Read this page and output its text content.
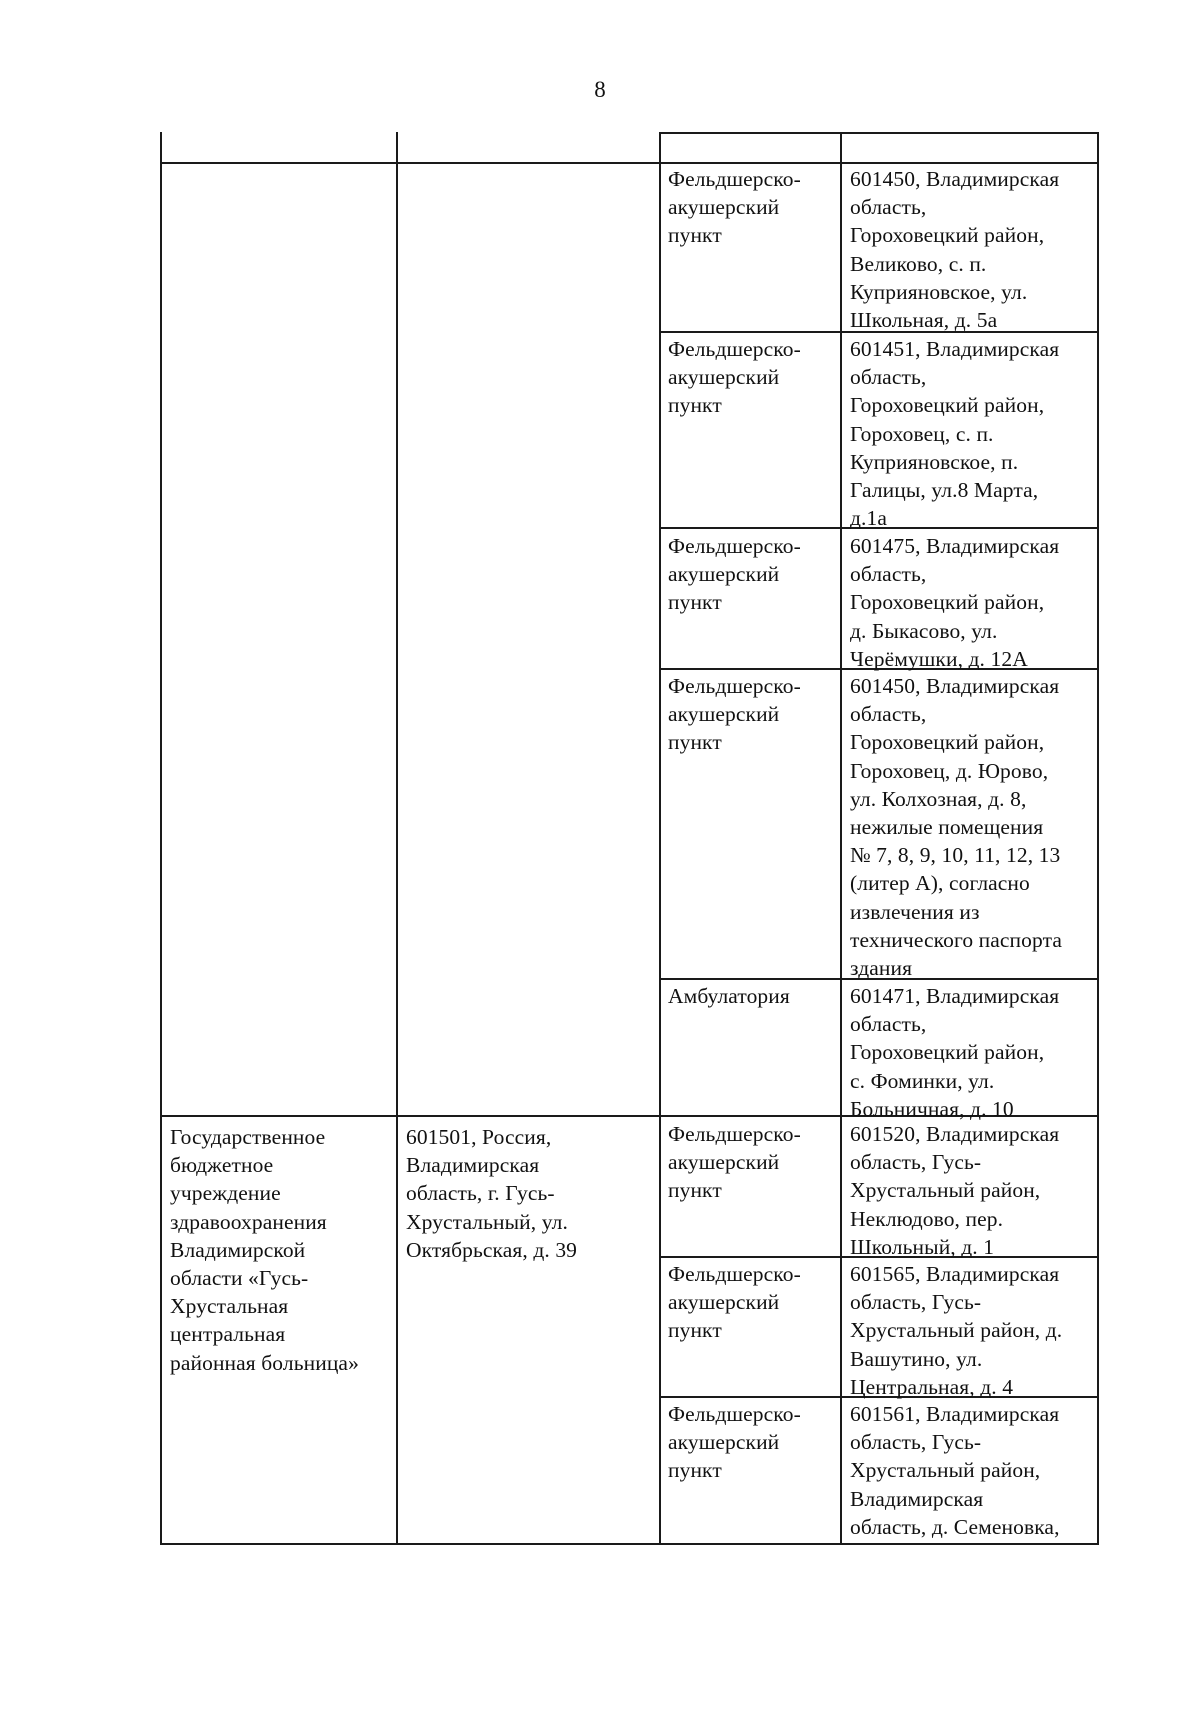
8
Государственное
бюджетное
учреждение
здравоохранения
Владимирской
области «Гусь-
Хрустальная
центральная
районная больница»
601501, Россия,
Владимирская
область, г. Гусь-
Хрустальный, ул.
Октябрьская, д. 39
Фельдшерско-
акушерский
пункт
601450, Владимирская
область,
Гороховецкий район,
Великово, с. п.
Куприяновское, ул.
Школьная, д. 5а
Фельдшерско-
акушерский
пункт
601451, Владимирская
область,
Гороховецкий район,
Гороховец, с. п.
Куприяновское, п.
Галицы, ул.8 Марта,
д.1а
Фельдшерско-
акушерский
пункт
601475, Владимирская
область,
Гороховецкий район,
д. Быкасово, ул.
Черёмушки, д. 12А
Фельдшерско-
акушерский
пункт
601450, Владимирская
область,
Гороховецкий район,
Гороховец, д. Юрово,
ул. Колхозная, д. 8,
нежилые помещения
№ 7, 8, 9, 10, 11, 12, 13
(литер А), согласно
извлечения из
технического паспорта
здания
Амбулатория	601471, Владимирская
область,
Гороховецкий район,
с. Фоминки, ул.
Больничная, д. 10
Фельдшерско-
акушерский
пункт
601520, Владимирская
область, Гусь-
Хрустальный район,
Неклюдово, пер.
Школьный, д. 1
Фельдшерско-
акушерский
пункт
601565, Владимирская
область, Гусь-
Хрустальный район, д.
Вашутино, ул.
Центральная, д. 4
Фельдшерско-
акушерский
пункт
601561, Владимирская
область, Гусь-
Хрустальный район,
Владимирская
область, д. Семеновка,
